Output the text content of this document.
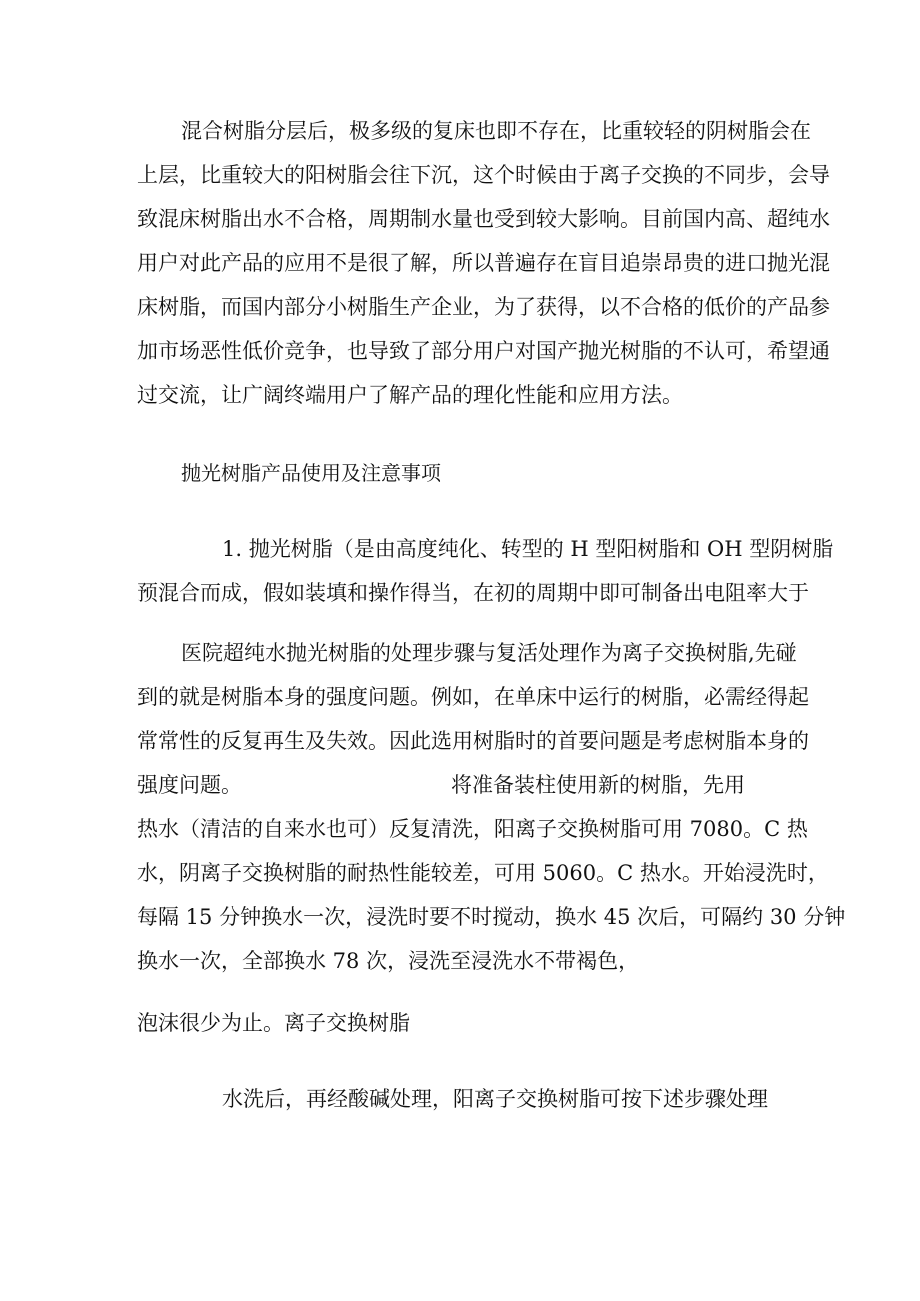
混合树脂分层后，极多级的复床也即不存在，比重较轻的阴树脂会在
上层，比重较大的阳树脂会往下沉，这个时候由于离子交换的不同步，会导
致混床树脂出水不合格，周期制水量也受到较大影响。目前国内高、超纯水
用户对此产品的应用不是很了解，所以普遍存在盲目追崇昂贵的进口抛光混
床树脂，而国内部分小树脂生产企业，为了获得，以不合格的低价的产品参
加市场恶性低价竞争，也导致了部分用户对国产抛光树脂的不认可，希望通
过交流，让广阔终端用户了解产品的理化性能和应用方法。
抛光树脂产品使用及注意事项
1. 抛光树脂（是由高度纯化、转型的 H 型阳树脂和 OH 型阴树脂
预混合而成，假如装填和操作得当，在初的周期中即可制备出电阻率大于
医院超纯水抛光树脂的处理步骤与复活处理作为离子交换树脂,先碰
到的就是树脂本身的强度问题。例如，在单床中运行的树脂，必需经得起
常常性的反复再生及失效。因此选用树脂时的首要问题是考虑树脂本身的
强度问题。	将准备装柱使用新的树脂，先用
热水（清洁的自来水也可）反复清洗，阳离子交换树脂可用 7080。C 热
水，阴离子交换树脂的耐热性能较差，可用 5060。C 热水。开始浸洗时，
每隔 15 分钟换水一次，浸洗时要不时搅动，换水 45 次后，可隔约 30 分钟
换水一次，全部换水 78 次，浸洗至浸洗水不带褐色，
泡沫很少为止。离子交换树脂
水洗后，再经酸碱处理，阳离子交换树脂可按下述步骤处理
